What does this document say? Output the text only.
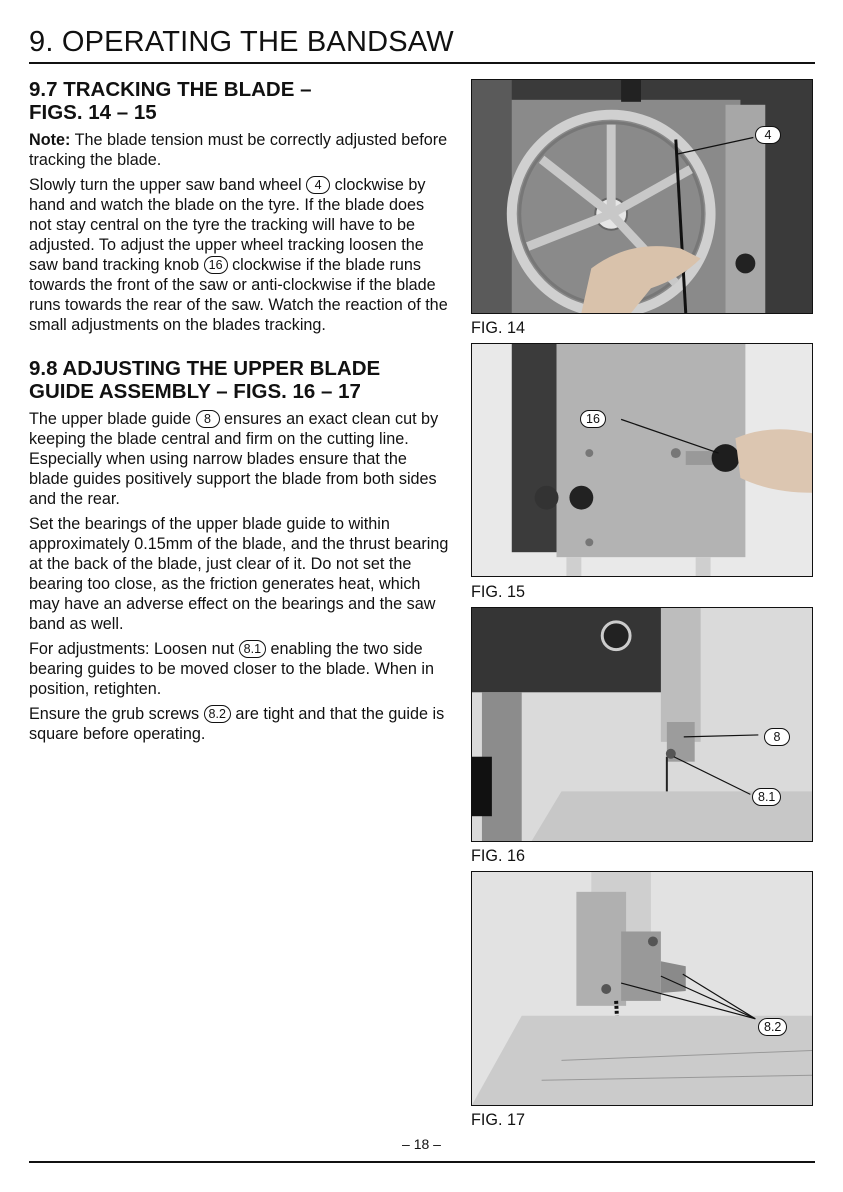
9. OPERATING THE BANDSAW
9.7 TRACKING THE BLADE –
FIGS. 14 – 15

Note: The blade tension must be correctly adjusted before tracking the blade.

Slowly turn the upper saw band wheel 4 clockwise by hand and watch the blade on the tyre. If the blade does not stay central on the tyre the tracking will have to be adjusted. To adjust the upper wheel tracking loosen the saw band tracking knob 16 clockwise if the blade runs towards the front of the saw or anti-clockwise if the blade runs towards the rear of the saw. Watch the reaction of the small adjustments on the blades tracking.

9.8 ADJUSTING THE UPPER BLADE
GUIDE ASSEMBLY – FIGS. 16 – 17

The upper blade guide 8 ensures an exact clean cut by keeping the blade central and firm on the cutting line. Especially when using narrow blades ensure that the blade guides positively support the blade from both sides and the rear.

Set the bearings of the upper blade guide to within approximately 0.15mm of the blade, and the thrust bearing at the back of the blade, just clear of it. Do not set the bearing too close, as the friction generates heat, which may have an adverse effect on the bearings and the saw band as well.

For adjustments: Loosen nut 8.1 enabling the two side bearing guides to be moved closer to the blade. When in position, retighten.

Ensure the grub screws 8.2 are tight and that the guide is square before operating.

4
FIG. 14
16
FIG. 15
8
8.1
FIG. 16
8.2
FIG. 17
– 18 –
